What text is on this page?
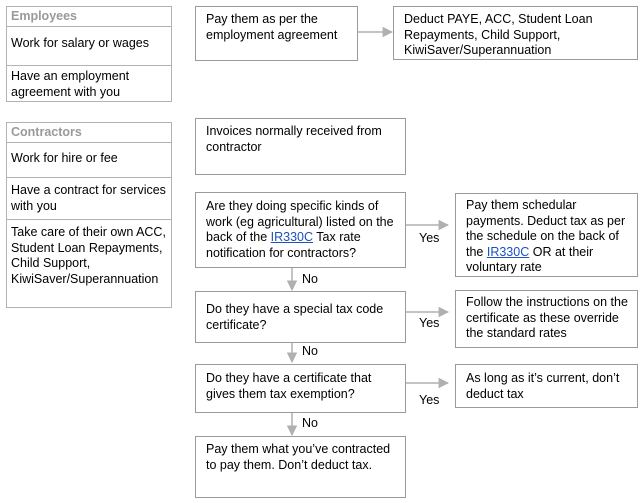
Employees
Work for salary or wages
Have an employment agreement with you
Contractors
Work for hire or fee
Have a contract for services with you
Take care of their own ACC, Student Loan Repayments, Child Support, KiwiSaver/Superannuation
Pay them as per the employment agreement
Deduct PAYE, ACC, Student Loan Repayments, Child Support, KiwiSaver/Superannuation
Invoices normally received from contractor
Are they doing specific kinds of work (eg agricultural) listed on the back of the IR330C Tax rate notification for contractors?
Pay them schedular payments. Deduct tax as per the schedule on the back of the IR330C OR at their voluntary rate
Do they have a special tax code certificate?
Follow the instructions on the certificate as these override the standard rates
Do they have a certificate that gives them tax exemption?
As long as it’s current, don’t deduct tax
Pay them what you’ve contracted to pay them. Don’t deduct tax.
Yes
No
Yes
No
Yes
No
